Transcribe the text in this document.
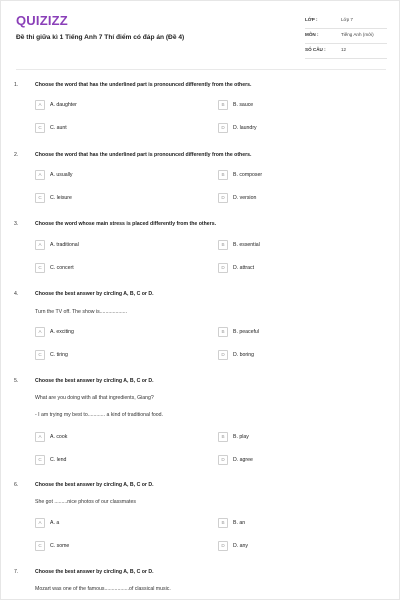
QUIZIZZ
Đề thi giữa kì 1 Tiếng Anh 7 Thí điểm có đáp án (Đề 4)
LỚP :	Lớp 7
MÔN :	Tiếng Anh (mới)
SỐ CÂU :	12
1.	Choose the word that has the underlined part is pronounced differently from the others.
A	A. daughter	B	B. sauce
C	C. aunt	D	D. laundry
2.	Choose the word that has the underlined part is pronounced differently from the others.
A	A. usually	B	B. composer
C	C. leisure	D	D. version
3.	Choose the word whose main stress is placed differently from the others.
A	A. traditional	B	B. essential
C	C. concert	D	D. attract
4.	Choose the best answer by circling A, B, C or D.
Turn the TV off. The show is...................
A	A. exciting	B	B. peaceful
C	C. tiring	D	D. boring
5.	Choose the best answer by circling A, B, C or D.
What are you doing with all that ingredients, Giang?
- I am trying my best to............ a kind of traditional food.
A	A. cook	B	B. play
C	C. lend	D	D. agree
6.	Choose the best answer by circling A, B, C or D.
She got .........nice photos of our classmates
A	A. a	B	B. an
C	C. some	D	D. any
7.	Choose the best answer by circling A, B, C or D.
Mozart was one of the famous.................of classical music.
